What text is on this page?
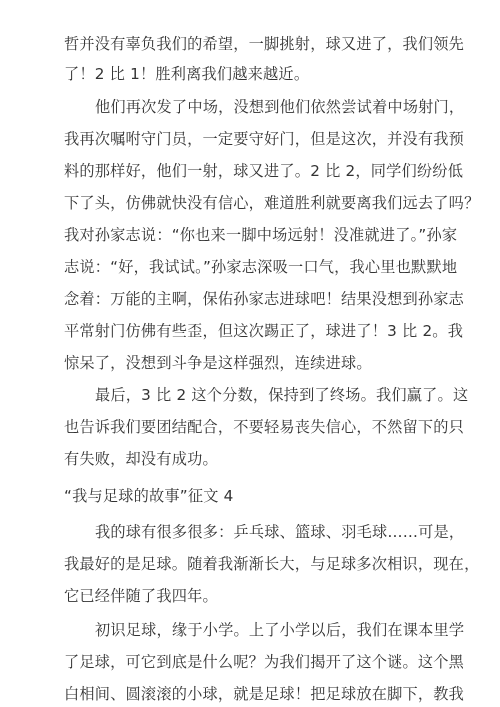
哲并没有辜负我们的希望，一脚挑射，球又进了，我们领先
了！2 比 1！胜利离我们越来越近。
他们再次发了中场，没想到他们依然尝试着中场射门，
我再次嘱咐守门员，一定要守好门，但是这次，并没有我预
料的那样好，他们一射，球又进了。2 比 2，同学们纷纷低
下了头，仿佛就快没有信心，难道胜利就要离我们远去了吗？
我对孙家志说：“你也来一脚中场远射！没准就进了。”孙家
志说：“好，我试试。”孙家志深吸一口气，我心里也默默地
念着：万能的主啊，保佑孙家志进球吧！结果没想到孙家志
平常射门仿佛有些歪，但这次踢正了，球进了！3 比 2。我
惊呆了，没想到斗争是这样强烈，连续进球。
最后，3 比 2 这个分数，保持到了终场。我们赢了。这
也告诉我们要团结配合，不要轻易丧失信心，不然留下的只
有失败，却没有成功。
“我与足球的故事”征文 4
我的球有很多很多：乒乓球、篮球、羽毛球……可是，
我最好的是足球。随着我渐渐长大，与足球多次相识，现在，
它已经伴随了我四年。
初识足球，缘于小学。上了小学以后，我们在课本里学
了足球，可它到底是什么呢？为我们揭开了这个谜。这个黑
白相间、圆滚滚的小球，就是足球！把足球放在脚下，教我
